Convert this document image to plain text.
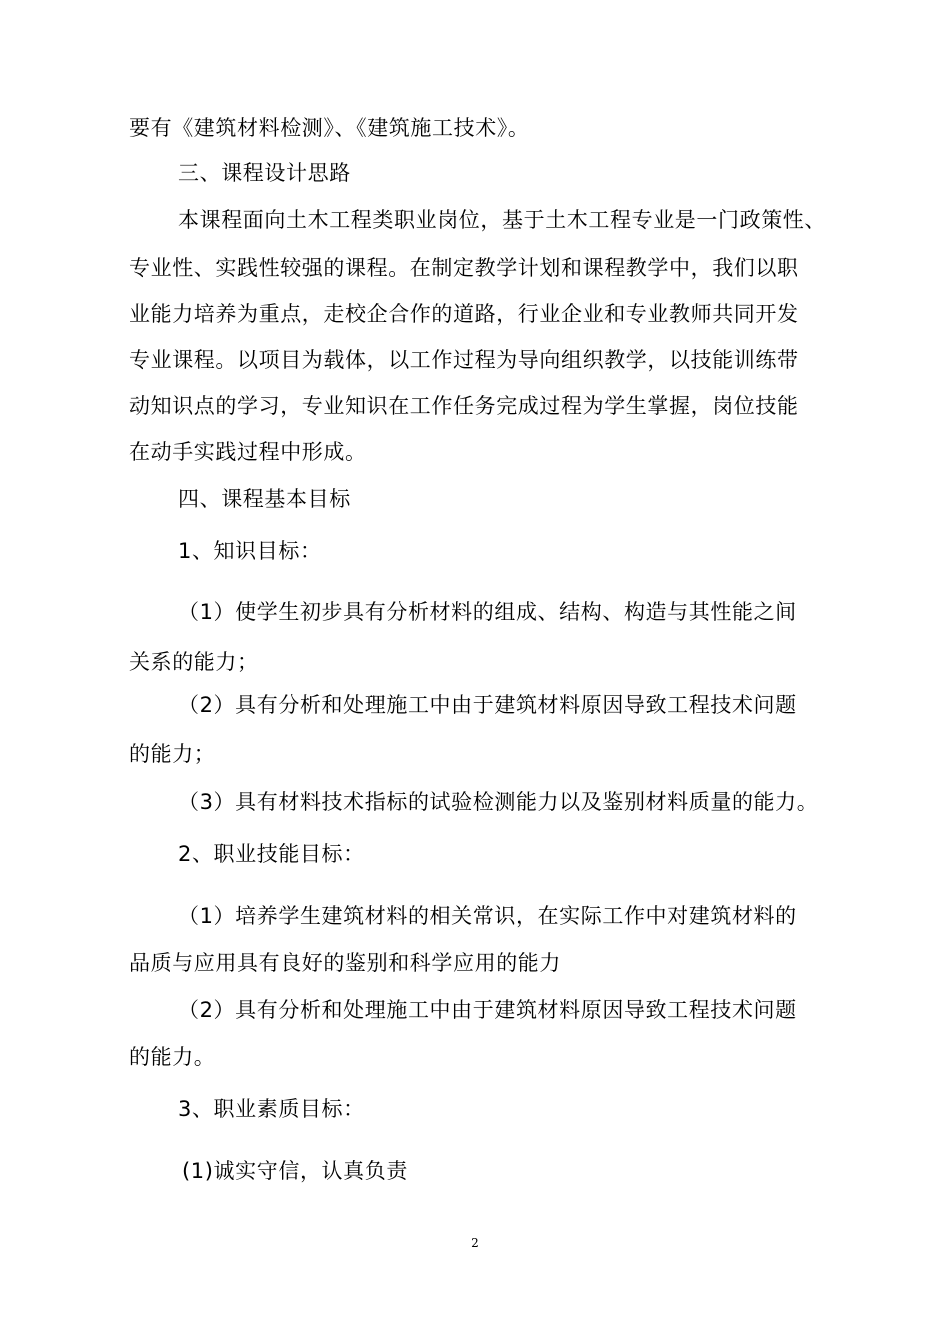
要有《建筑材料检测》、《建筑施工技术》。
三、课程设计思路
本课程面向土木工程类职业岗位，基于土木工程专业是一门政策性、
专业性、实践性较强的课程。在制定教学计划和课程教学中，我们以职
业能力培养为重点，走校企合作的道路，行业企业和专业教师共同开发
专业课程。以项目为载体，以工作过程为导向组织教学，以技能训练带
动知识点的学习，专业知识在工作任务完成过程为学生掌握，岗位技能
在动手实践过程中形成。
四、课程基本目标
1、知识目标：
（1）使学生初步具有分析材料的组成、结构、构造与其性能之间
关系的能力；
（2）具有分析和处理施工中由于建筑材料原因导致工程技术问题
的能力；
（3）具有材料技术指标的试验检测能力以及鉴别材料质量的能力。
2、职业技能目标：
（1）培养学生建筑材料的相关常识，在实际工作中对建筑材料的
品质与应用具有良好的鉴别和科学应用的能力
（2）具有分析和处理施工中由于建筑材料原因导致工程技术问题
的能力。
3、职业素质目标：
(1)诚实守信，认真负责
2
